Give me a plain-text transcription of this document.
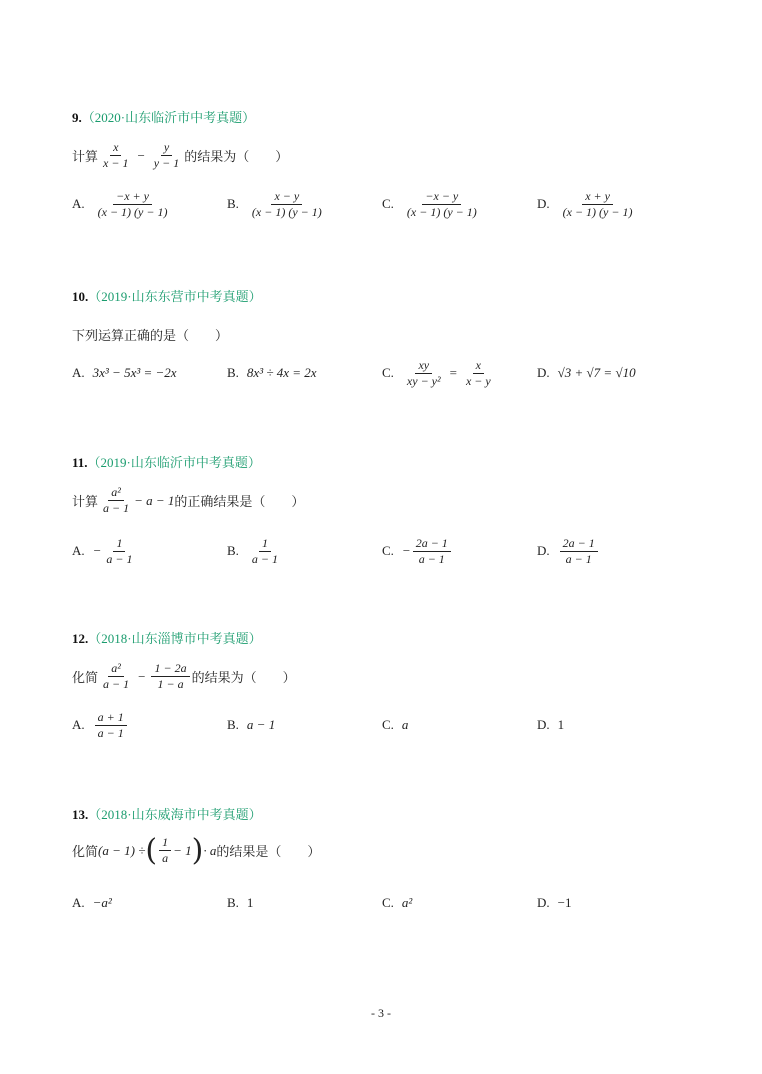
9.（2020·山东临沂市中考真题）
计算 $\frac{x}{x - 1} - \frac{y}{y - 1}$ 的结果为（　　）
A. $\frac{-x + y}{(x - 1) (y - 1)}$	B. $\frac{x - y}{(x - 1) (y - 1)}$	C. $\frac{-x - y}{(x - 1) (y - 1)}$	D. $\frac{x + y}{(x - 1) (y - 1)}$
10.（2019·山东东营市中考真题）
下列运算正确的是（　　）
A. 3x³ − 5x³ = −2x	B. 8x³ ÷ 4x = 2x	C. $\frac{xy}{\text{xy − y²}} = \frac{x}{x - y}$	D. √3 + √7 = √10
11.（2019·山东临沂市中考真题）
计算 $\frac{\text{a²}}{a - 1} - a - 1$ 的正确结果是（　　）
A. − $\frac{1}{a - 1}$	B. $\frac{1}{a - 1}$	C. − $\frac{2a - 1}{a - 1}$	D. $\frac{2a - 1}{a - 1}$
12.（2018·山东淄博市中考真题）
化简 $\frac{\text{a²}}{a - 1} - \frac{1 - 2a}{1 - a}$ 的结果为（　　）
A. $\frac{a + 1}{a - 1}$	B. a − 1	C. a	D. 1
13.（2018·山东威海市中考真题）
化简 (a − 1) ÷ ( $\frac{1}{a} - 1$ ) · a 的结果是（　　）
A. −a²	B. 1	C. a²	D. −1
- 3 -
